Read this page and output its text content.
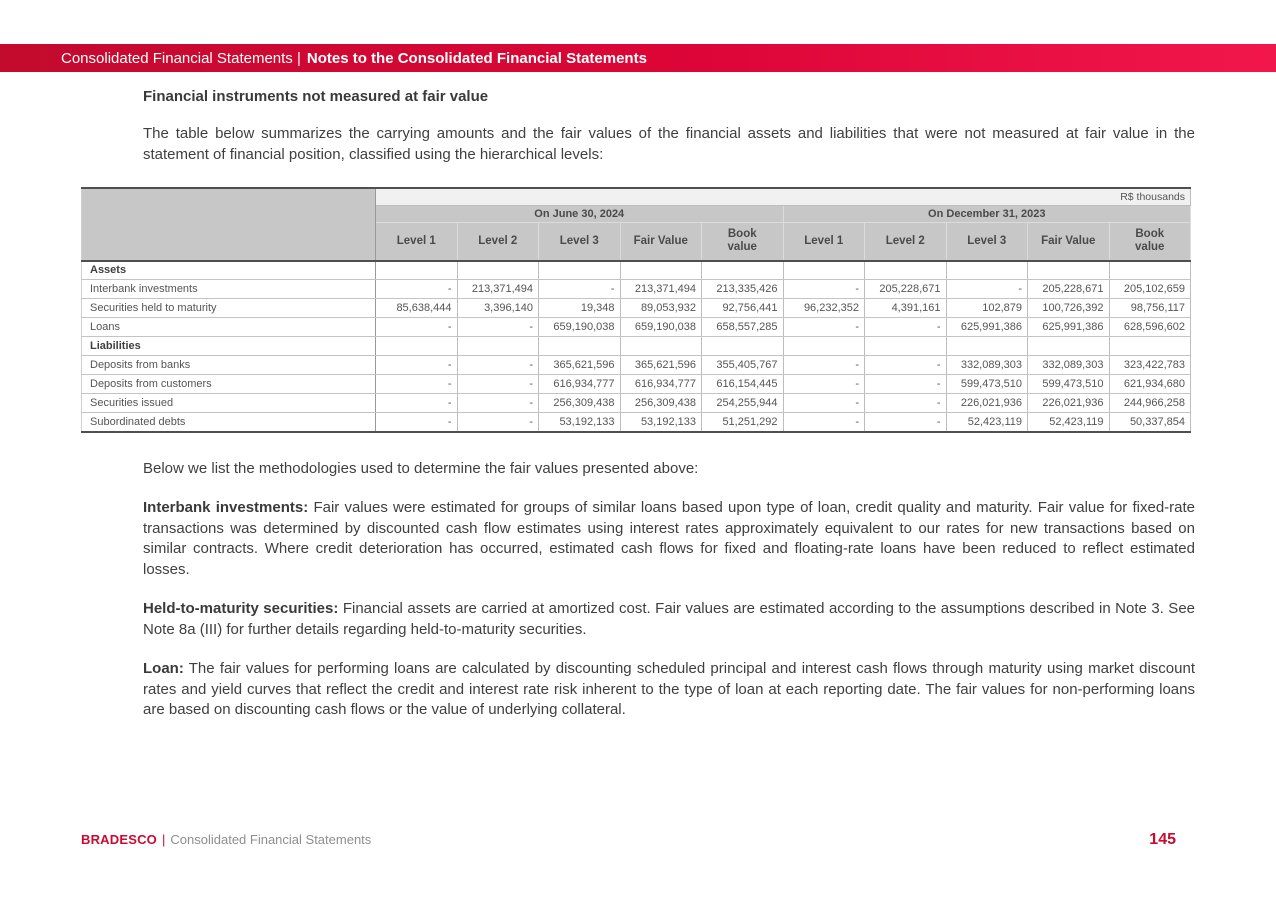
Consolidated Financial Statements | Notes to the Consolidated Financial Statements
Financial instruments not measured at fair value

The table below summarizes the carrying amounts and the fair values of the financial assets and liabilities that were not measured at fair value in the statement of financial position, classified using the hierarchical levels:

	R$ thousands									
	On June 30, 2024					On December 31, 2023				
	Level 1	Level 2	Level 3	Fair Value	Book value	Level 1	Level 2	Level 3	Fair Value	Book value
Assets										
Interbank investments	-	213,371,494	-	213,371,494	213,335,426	-	205,228,671	-	205,228,671	205,102,659
Securities held to maturity	85,638,444	3,396,140	19,348	89,053,932	92,756,441	96,232,352	4,391,161	102,879	100,726,392	98,756,117
Loans	-	-	659,190,038	659,190,038	658,557,285	-	-	625,991,386	625,991,386	628,596,602
Liabilities										
Deposits from banks	-	-	365,621,596	365,621,596	355,405,767	-	-	332,089,303	332,089,303	323,422,783
Deposits from customers	-	-	616,934,777	616,934,777	616,154,445	-	-	599,473,510	599,473,510	621,934,680
Securities issued	-	-	256,309,438	256,309,438	254,255,944	-	-	226,021,936	226,021,936	244,966,258
Subordinated debts	-	-	53,192,133	53,192,133	51,251,292	-	-	52,423,119	52,423,119	50,337,854

Below we list the methodologies used to determine the fair values presented above:

Interbank investments: Fair values were estimated for groups of similar loans based upon type of loan, credit quality and maturity. Fair value for fixed-rate transactions was determined by discounted cash flow estimates using interest rates approximately equivalent to our rates for new transactions based on similar contracts. Where credit deterioration has occurred, estimated cash flows for fixed and floating-rate loans have been reduced to reflect estimated losses.

Held-to-maturity securities: Financial assets are carried at amortized cost. Fair values are estimated according to the assumptions described in Note 3. See Note 8a (III) for further details regarding held-to-maturity securities.

Loan: The fair values for performing loans are calculated by discounting scheduled principal and interest cash flows through maturity using market discount rates and yield curves that reflect the credit and interest rate risk inherent to the type of loan at each reporting date. The fair values for non-performing loans are based on discounting cash flows or the value of underlying collateral.

BRADESCO | Consolidated Financial Statements	145
